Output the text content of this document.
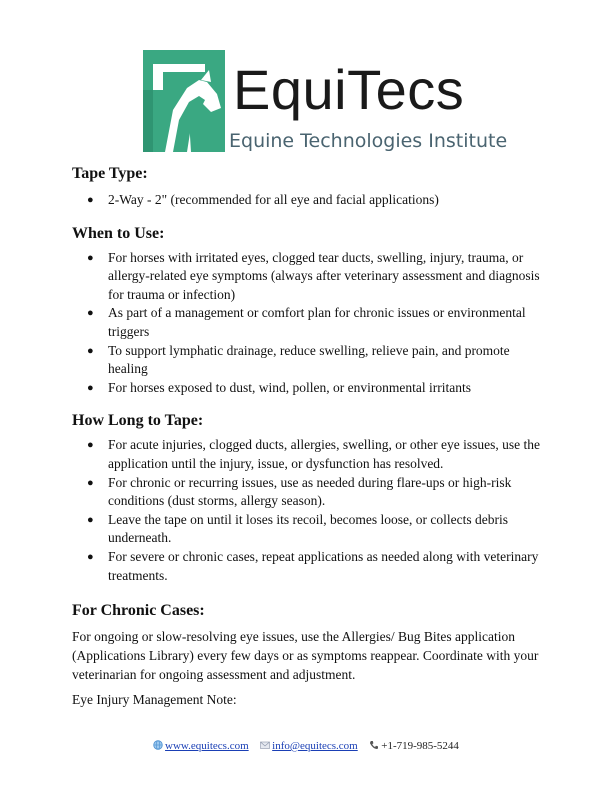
EquiTecs
Equine Technologies Institute
Tape Type:
● 2-Way - 2" (recommended for all eye and facial applications)
When to Use:
● For horses with irritated eyes, clogged tear ducts, swelling, injury, trauma, or allergy-related eye symptoms (always after veterinary assessment and diagnosis for trauma or infection)
● As part of a management or comfort plan for chronic issues or environmental triggers
● To support lymphatic drainage, reduce swelling, relieve pain, and promote healing
● For horses exposed to dust, wind, pollen, or environmental irritants
How Long to Tape:
● For acute injuries, clogged ducts, allergies, swelling, or other eye issues, use the application until the injury, issue, or dysfunction has resolved.
● For chronic or recurring issues, use as needed during flare-ups or high-risk conditions (dust storms, allergy season).
● Leave the tape on until it loses its recoil, becomes loose, or collects debris underneath.
● For severe or chronic cases, repeat applications as needed along with veterinary treatments.
For Chronic Cases:
For ongoing or slow-resolving eye issues, use the Allergies/ Bug Bites application (Applications Library) every few days or as symptoms reappear. Coordinate with your veterinarian for ongoing assessment and adjustment.
Eye Injury Management Note:
www.equitecs.com info@equitecs.com +1-719-985-5244
